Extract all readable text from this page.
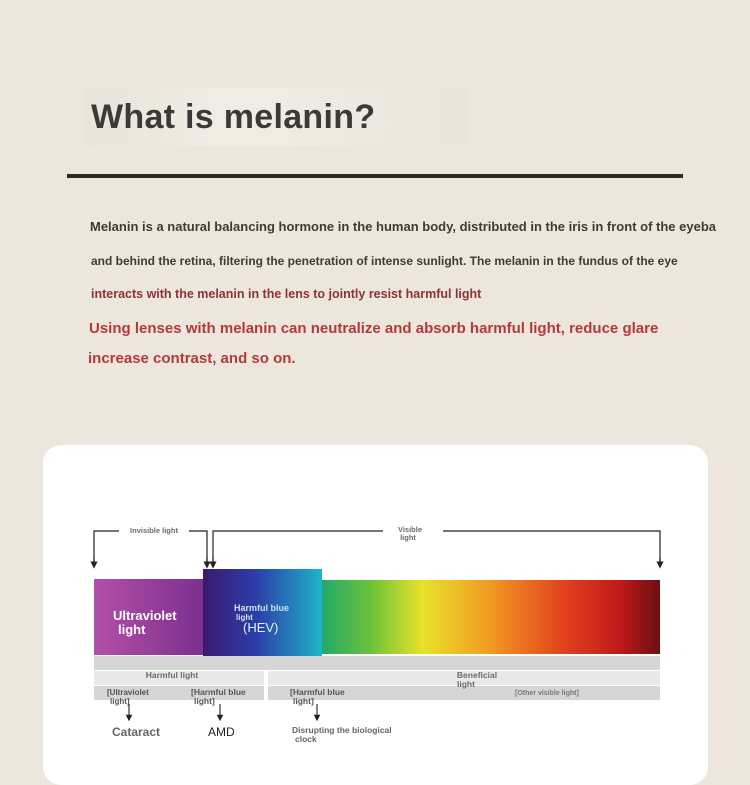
What is melanin?
Melanin is a natural balancing hormone in the human body, distributed in the iris in front of the eyeba
and behind the retina, filtering the penetration of intense sunlight. The melanin in the fundus of the eye
interacts with the melanin in the lens to jointly resist harmful light
Using lenses with melanin can neutralize and absorb harmful light, reduce glare
increase contrast, and so on.
Invisible light	Visible
light
Ultraviolet
light
Harmful blue
light
(HEV)
Harmful light	Beneficial
light
[Ultraviolet
light]
[Harmful blue
light]
[Harmful blue
light]
[Other visible light]
Cataract	AMD	Disrupting the biological
clock
